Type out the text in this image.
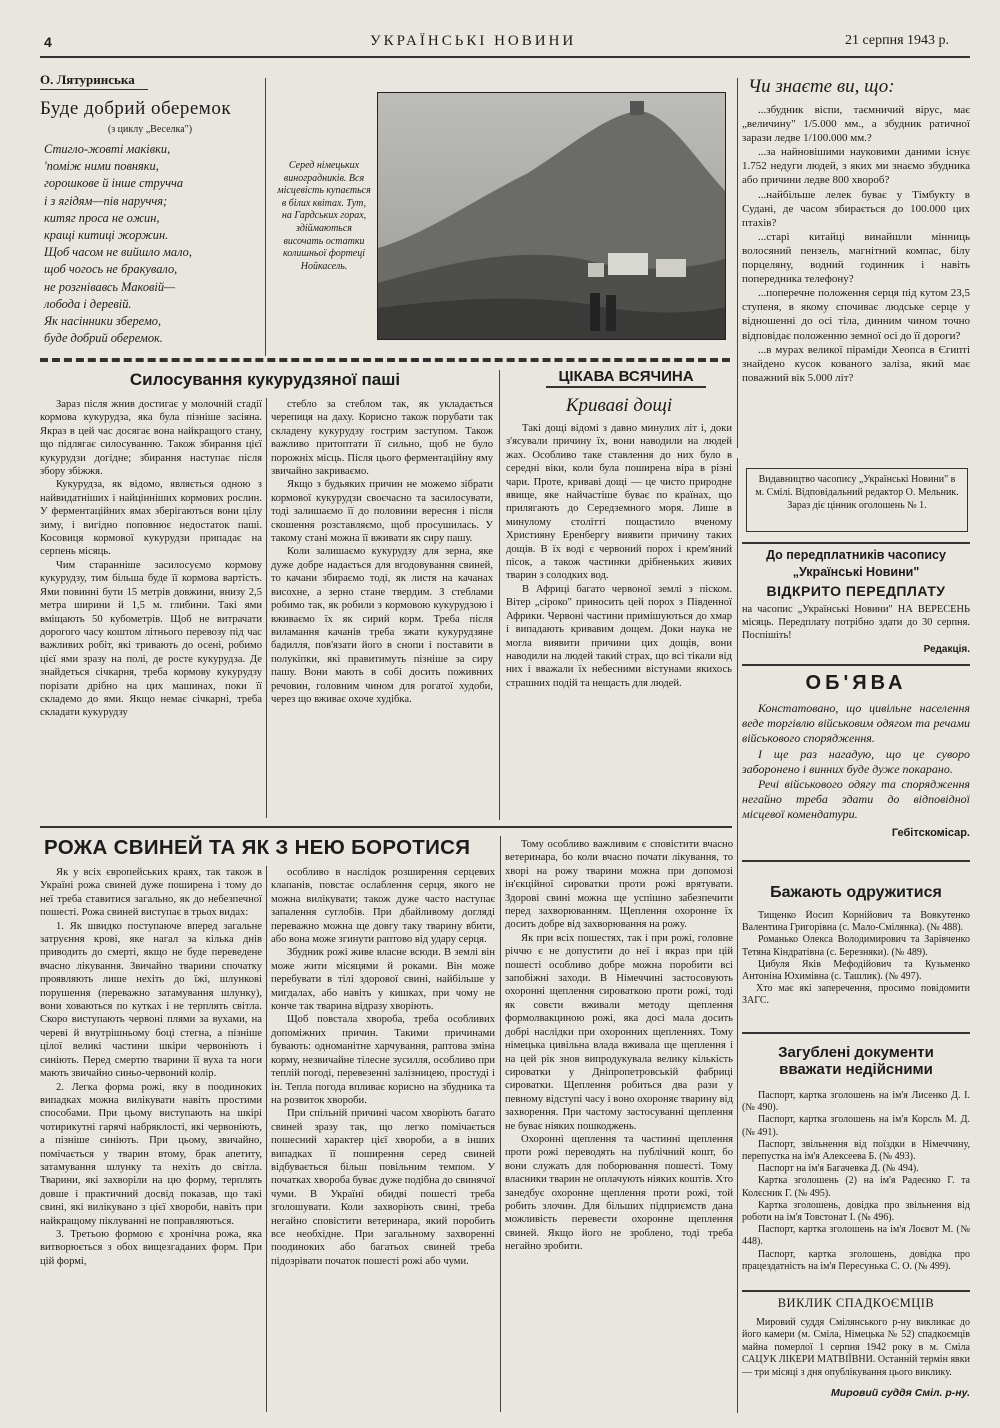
4	УКРАЇНСЬКІ НОВИНИ	21 серпня 1943 р.
О. Лятуринська
Буде добрий оберемок
(з циклу „Веселка")
Стигло-жовті маківки,
'поміж ними повняки,
горошкове й інше стручча
і з ягідям—пів наруччя;
китяг проса не ожин,
кращі китиці жоржин.
Щоб часом не вийшло мало,
щоб чогось не бракувало,
не розгнівавсь Маковій—
лобода і деревій.
Як насінники зберемо,
буде добрий оберемок.
Серед німецьких виноградників. Вся місцевість купається в білих квітах. Тут, на Гардських горах, здіймаються височать остатки колишньої фортеці Нойкасель.
Чи знаєте ви, що:

...збудник віспи, таємничий вірус, має „величину" 1/5.000 мм., а збудник ратичної зарази ледве 1/100.000 мм.?

...за найновішими науковими даними існує 1.752 недуги людей, з яких ми знаємо збудника або причини ледве 800 хвороб?

...найбільше лелек буває у Тімбукту в Судані, де часом збирається до 100.000 цих птахів?

...старі китайці винайшли мінниць волосяний пензель, магнітний компас, білу порцеляну, водний годинник і навіть попередника телефону?

...поперечне положення серця під кутом 23,5 ступеня, в якому спочиває людське серце у відношенні до осі тіла, динним чином точно відповідає положенню земної осі до її дороги?

...в мурах великої піраміди Хеопса в Єгипті знайдено кусок кованого заліза, який має поважний вік 5.000 літ?

Силосування кукурудзяної паші

Зараз після жнив достигає у молочній стадії кормова кукурудза, яка була пізніше засіяна. Якраз в цей час досягає вона найкращого стану, що підлягає силосуванню. Також збирання цієї кукурудзи догідне; збирання наступає після збору збіжжя.

Кукурудза, як відомо, являється одною з найвидатніших і найцінніших кормових рослин. У ферментаційних ямах зберігаються вони цілу зиму, і вигідно поповнює недостаток паші. Косовиця кормової кукурудзи припадає на серпень місяць.

Чим старанніше засилосуємо кормову кукурудзу, тим більша буде її кормова вартість. Ями повинні бути 15 метрів довжини, внизу 2,5 метра ширини й 1,5 м. глибини. Такі ями вміщають 50 кубометрів. Щоб не витрачати дорогого часу коштом літнього перевозу під час важливих робіт, які тривають до осені, робимо цієї ями зразу на полі, де росте кукурудза. Де знайдеться січкарня, треба кормову кукурудзу порізати дрібно на цих машинах, поки її складемо до ями. Якщо немає січкарні, треба складати кукурудзу

стебло за стеблом так, як укладається черепиця на даху. Корисно також порубати так складену кукурудзу гострим заступом. Також важливо притоптати її сильно, щоб не було порожніх місць. Після цього ферментаційну яму звичайно закриваємо.

Якщо з будьяких причин не можемо зібрати кормової кукурудзи своєчасно та засилосувати, тоді залишаємо її до половини вересня і після скошення розставляємо, щоб просушилась. У такому стані можна її вживати як сиру пашу.

Коли залишаємо кукурудзу для зерна, яке дуже добре надається для вгодовування свиней, то качани збираємо тоді, як листя на качанах висохне, а зерно стане твердим. З стеблами робимо так, як робили з кормовою кукурудзою і вживаємо їх як сирий корм. Треба після виламання качанів треба зжати кукурудзяне бадилля, пов'язати його в снопи і поставити в полукіпки, які правитимуть пізніше за сиру пашу. Вони мають в собі досить поживних речовин, головним чином для рогатої худоби, через що вживає охоче худібка.

ЦІКАВА ВСЯЧИНА
Криваві дощі

Такі дощі відомі з давно минулих літ і, доки з'ясували причину їх, вони наводили на людей жах. Особливо таке ставлення до них було в середні віки, коли була поширена віра в різні чари. Проте, криваві дощі — це чисто природне явище, яке найчастіше буває по країнах, що прилягають до Середземного моря. Лише в минулому столітті пощастило вченому Християну Еренбергу виявити причину таких дощів. В їх воді є червоний порох і крем'яний пісок, а також частинки дрібненьких живих тварин з солодких вод.

В Африці багато червоної землі з піском. Вітер „сіроко" приносить цей порох з Південної Африки. Червоні частини примішуються до хмар і випадають кривавим дощем. Доки наука не могла виявити причини цих дощів, вони наводили на людей такий страх, що всі тікали від них і вважали їх небесними вістунами якихось страшних подій та нещасть для людей.

Видавництво часопису „Українські Новини" в м. Смілі. Відповідальний редактор О. Мельник. Зараз діє цінник оголошень № 1.
До передплатників часопису
„Українські Новини"
ВІДКРИТО ПЕРЕДПЛАТУ
на часопис „Українські Новини" НА ВЕРЕСЕНЬ місяць. Передплату потрібно здати до 30 серпня. Поспішіть!
Редакція.
ОБ'ЯВА

Констатовано, що цивільне населення веде торгівлю військовим одягом та речами військового спорядження.

І ще раз нагадую, що це суворо заборонено і винних буде дуже покарано.

Речі військового одягу та спорядження негайно треба здати до відповідної місцевої комендатури.

Гебітскомісар.
Бажають одружитися

Тищенко Йосип Корнійович та Вовкутенко Валентина Григорівна (с. Мало-Смілянка). (№ 488).

Романько Олекса Володимирович та Зарівченко Тетяна Кіндратівна (с. Березняки). (№ 489).

Цибуля Яків Мефодійович та Кузьменко Антоніна Юхимівна (с. Ташлик). (№ 497).

Хто має які заперечення, просимо повідомити ЗАГС.
Загублені документи
вважати недійсними

Паспорт, картка зголошень на ім'я Лисенко Д. І. (№ 490).

Паспорт, картка зголошень на ім'я Корсль М. Д. (№ 491).

Паспорт, звільнення від поїздки в Німеччину, перепустка на ім'я Алексеева Б. (№ 493).

Паспорт на ім'я Багачевка Д. (№ 494).

Картка зголошень (2) на ім'я Радеєнко Г. та Колєсник Г. (№ 495).

Картка зголошень, довідка про звільнення від роботи на ім'я Товстонат І. (№ 496).

Паспорт, картка зголошень на ім'я Лоєвот М. (№ 448).

Паспорт, картка зголошень, довідка про працездатність на ім'я Пересунька С. О. (№ 499).

ВИКЛИК СПАДКОЄМЦІВ
Мировий суддя Смілянського р-ну викликає до його камери (м. Сміла, Німецька № 52) спадкоємців майна померлої 1 серпня 1942 року в м. Сміла САЦУК ЛІКЕРИ МАТВІЇВНИ. Останній термін явки — три місяці з дня опублікування цього виклику.
Мировий суддя Сміл. р-ну.
РОЖА СВИНЕЙ ТА ЯК З НЕЮ БОРОТИСЯ

Як у всіх європейських краях, так також в Україні рожа свиней дуже поширена і тому до неї треба ставитися загально, як до небезпечної пошесті. Рожа свиней виступає в трьох видах:

1. Як швидко поступаюче вперед загальне затруєння крові, яке нагал за кілька днів приводить до смерті, якщо не буде переведене вчасно лікування. Звичайно тварини спочатку проявляють лише нехіть до їжі, шлункові порушення (переважно затамування шлунку), вони ховаються по кутках і не терплять світла. Скоро виступають червоні плями за вухами, на череві й внутрішньому боці стегна, а пізніше цілої великі частини шкіри червоніють і синіють. Перед смертю тварини її вуха та ноги мають звичайно синьо-червоний колір.

2. Легка форма рожі, яку в поодиноких випадках можна вилікувати навіть простими способами. При цьому виступають на шкірі чотирикутні гарячі набряклості, які червоніють, а пізніше синіють. При цьому, звичайно, помічається у тварин втому, брак апетиту, затамування шлунку та нехіть до світла. Тварини, які захворіли на цю форму, терплять довше і практичний досвід показав, що такі свині, які вилікувано з цієї хвороби, навіть при найкращому піклуванні не поправляються.

3. Третьою формою є хронічна рожа, яка витворюється з обох вищезгаданих форм. При цій формі,

особливо в наслідок розширення серцевих клапанів, повстає ослаблення серця, якого не можна вилікувати; також дуже часто наступає запалення суглобів. При дбайливому догляді переважно можна ще довгу таку тварину вбити, або вона може згинути раптово від удару серця.

Збудник рожі живе власне всюди. В землі він може жити місяцями й роками. Він може перебувати в тілі здорової свині, найбільше у мигдалах, або навіть у кишках, при чому не конче так тварина відразу хворіють.

Щоб повстала хвороба, треба особливих допоміжних причин. Такими причинами бувають: одноманітне харчування, раптова зміна корму, незвичайне тілесне зусилля, особливо при теплій погоді, перевезенні залізницею, простуді і ін. Тепла погода впливає корисно на збудника та на розвиток хвороби.

При спільній причині часом хворіють багато свиней зразу так, що легко помічається пошесний характер цієї хвороби, а в інших випадках її поширення серед свиней відбувається більш повільним темпом. У початках хвороба буває дуже подібна до свинячої чуми. В Україні обидві пошесті треба зголошувати. Коли захворіють свині, треба негайно сповістити ветеринара, який поробить все необхідне. При загальному захворенні поодиноких або багатьох свиней треба підозрівати початок пошесті рожі або чуми.

Тому особливо важливим є сповістити вчасно ветеринара, бо коли вчасно почати лікування, то хворі на рожу тварини можна при допомозі ін'єкційної сироватки проти рожі врятувати. Здорові свині можна ще успішно забезпечити перед захворюванням. Щеплення охоронне їх досить добре від захворювання на рожу.

Як при всіх пошестях, так і при рожі, головне річчю є не допустити до неї і якраз при цій пошесті особливо добре можна поробити всі запобіжні заходи. В Німеччині застосовують охоронні щеплення сироваткою проти рожі, тоді як совєти вживали методу щеплення формолвакциною рожі, яка досі мала досить добрі наслідки при охоронних щепленнях. Тому німецька цивільна влада вживала ще щеплення і на цей рік знов випродукувала велику кількість сироватки у Дніпропетровській фабриці сироватки. Щеплення робиться два рази у певному відступі часу і воно охороняє тварину від захворення. При частому застосуванні щеплення не буває ніяких пошкоджень.

Охоронні щеплення та частинні щеплення проти рожі переводять на публічний кошт, бо вони служать для поборювання пошесті. Тому власники тварин не оплачують ніяких коштів. Хто занедбує охоронне щеплення проти рожі, той робить злочин. Для більших підприємств дана можливість перевести охоронне щеплення свиней. Якщо його не зроблено, тоді треба негайно зробити.
